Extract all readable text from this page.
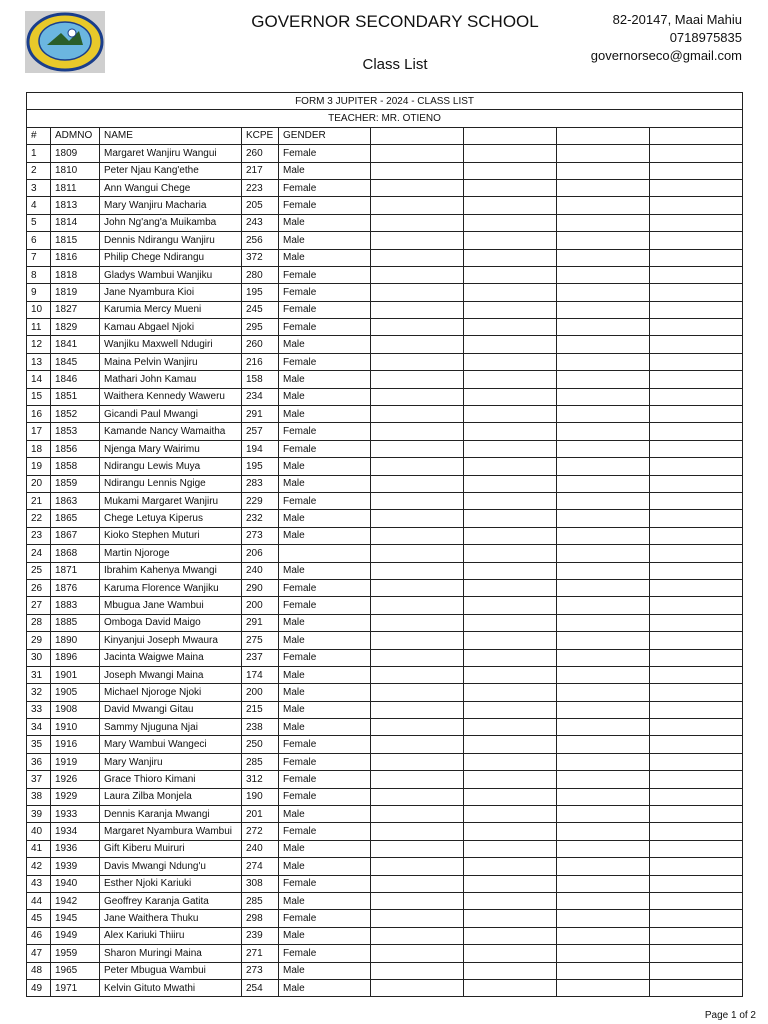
GOVERNOR SECONDARY SCHOOL
Class List
82-20147, Maai Mahiu
0718975835
governorseco@gmail.com
FORM 3 JUPITER - 2024 - CLASS LIST								
TEACHER: MR. OTIENO								
#	ADMNO	NAME	KCPE	GENDER				
1	1809	Margaret Wanjiru Wangui	260	Female				
2	1810	Peter Njau Kang'ethe	217	Male				
3	1811	Ann Wangui Chege	223	Female				
4	1813	Mary Wanjiru Macharia	205	Female				
5	1814	John Ng'ang'a Muikamba	243	Male				
6	1815	Dennis Ndirangu Wanjiru	256	Male				
7	1816	Philip Chege Ndirangu	372	Male				
8	1818	Gladys Wambui Wanjiku	280	Female				
9	1819	Jane Nyambura Kioi	195	Female				
10	1827	Karumia Mercy Mueni	245	Female				
11	1829	Kamau Abgael Njoki	295	Female				
12	1841	Wanjiku Maxwell Ndugiri	260	Male				
13	1845	Maina Pelvin Wanjiru	216	Female				
14	1846	Mathari John Kamau	158	Male				
15	1851	Waithera Kennedy Waweru	234	Male				
16	1852	Gicandi Paul Mwangi	291	Male				
17	1853	Kamande Nancy Wamaitha	257	Female				
18	1856	Njenga Mary Wairimu	194	Female				
19	1858	Ndirangu Lewis Muya	195	Male				
20	1859	Ndirangu Lennis Ngige	283	Male				
21	1863	Mukami Margaret Wanjiru	229	Female				
22	1865	Chege Letuya Kiperus	232	Male				
23	1867	Kioko Stephen Muturi	273	Male				
24	1868	Martin Njoroge	206					
25	1871	Ibrahim Kahenya Mwangi	240	Male				
26	1876	Karuma Florence Wanjiku	290	Female				
27	1883	Mbugua Jane Wambui	200	Female				
28	1885	Omboga David Maigo	291	Male				
29	1890	Kinyanjui Joseph Mwaura	275	Male				
30	1896	Jacinta Waigwe Maina	237	Female				
31	1901	Joseph Mwangi Maina	174	Male				
32	1905	Michael Njoroge Njoki	200	Male				
33	1908	David Mwangi Gitau	215	Male				
34	1910	Sammy Njuguna Njai	238	Male				
35	1916	Mary Wambui Wangeci	250	Female				
36	1919	Mary Wanjiru	285	Female				
37	1926	Grace Thioro Kimani	312	Female				
38	1929	Laura Zilba Monjela	190	Female				
39	1933	Dennis Karanja Mwangi	201	Male				
40	1934	Margaret Nyambura Wambui	272	Female				
41	1936	Gift Kiberu Muiruri	240	Male				
42	1939	Davis Mwangi Ndung'u	274	Male				
43	1940	Esther Njoki Kariuki	308	Female				
44	1942	Geoffrey Karanja Gatita	285	Male				
45	1945	Jane Waithera Thuku	298	Female				
46	1949	Alex Kariuki Thiiru	239	Male				
47	1959	Sharon Muringi Maina	271	Female				
48	1965	Peter Mbugua Wambui	273	Male				
49	1971	Kelvin Gituto Mwathi	254	Male				
Page 1 of 2
